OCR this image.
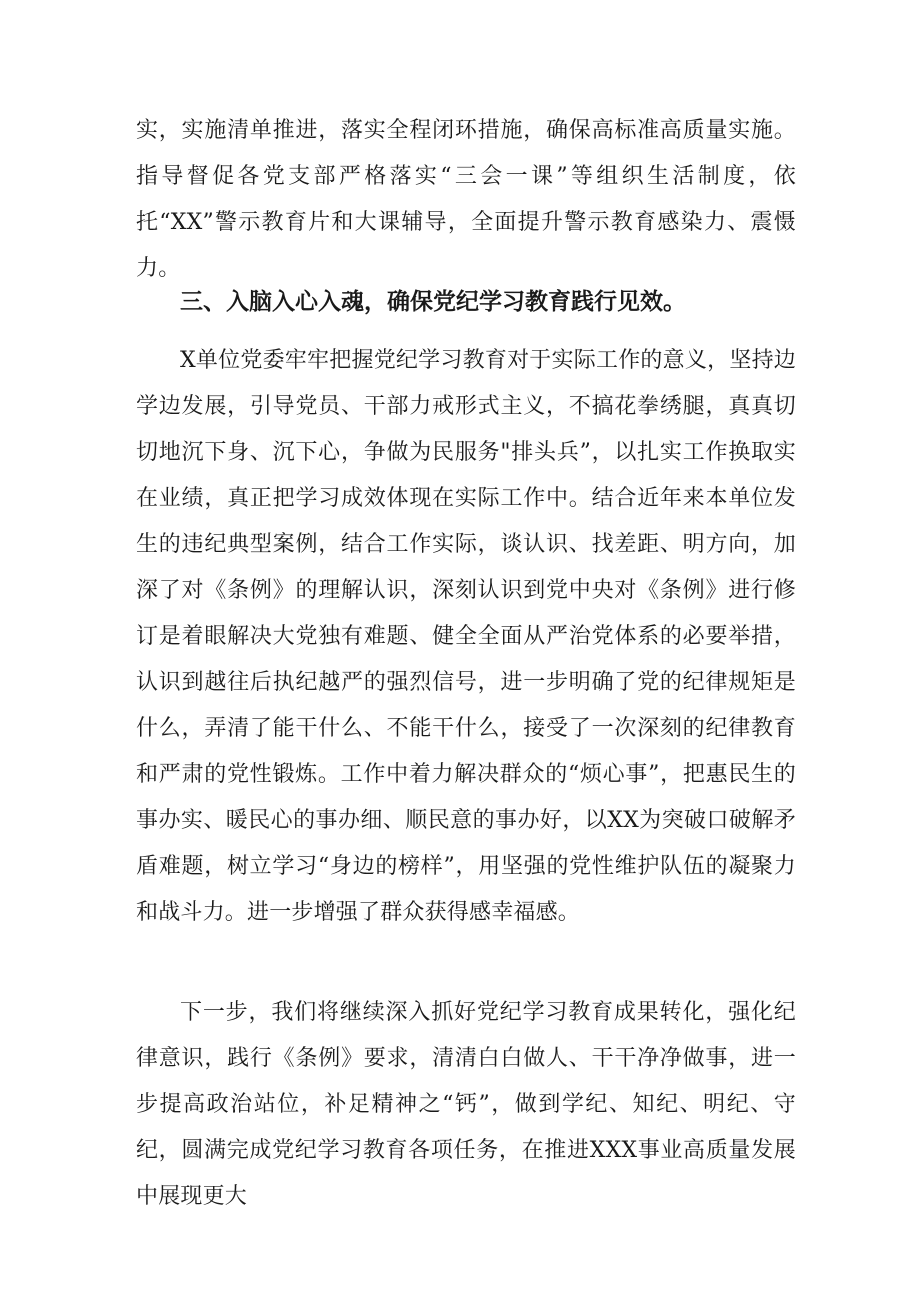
实，实施清单推进，落实全程闭环措施，确保高标准高质量实施。指导督促各党支部严格落实“三会一课”等组织生活制度，依托“XX”警示教育片和大课辅导，全面提升警示教育感染力、震慑力。

三、入脑入心入魂，确保党纪学习教育践行见效。

X单位党委牢牢把握党纪学习教育对于实际工作的意义，坚持边学边发展，引导党员、干部力戒形式主义，不搞花拳绣腿，真真切切地沉下身、沉下心，争做为民服务"排头兵”，以扎实工作换取实在业绩，真正把学习成效体现在实际工作中。结合近年来本单位发生的违纪典型案例，结合工作实际，谈认识、找差距、明方向，加深了对《条例》的理解认识，深刻认识到党中央对《条例》进行修订是着眼解决大党独有难题、健全全面从严治党体系的必要举措，认识到越往后执纪越严的强烈信号，进一步明确了党的纪律规矩是什么，弄清了能干什么、不能干什么，接受了一次深刻的纪律教育和严肃的党性锻炼。工作中着力解决群众的“烦心事”，把惠民生的事办实、暖民心的事办细、顺民意的事办好，以XX为突破口破解矛盾难题，树立学习“身边的榜样”，用坚强的党性维护队伍的凝聚力和战斗力。进一步增强了群众获得感幸福感。

下一步，我们将继续深入抓好党纪学习教育成果转化，强化纪律意识，践行《条例》要求，清清白白做人、干干净净做事，进一步提高政治站位，补足精神之“钙”，做到学纪、知纪、明纪、守纪，圆满完成党纪学习教育各项任务，在推进XXX事业高质量发展中展现更大
